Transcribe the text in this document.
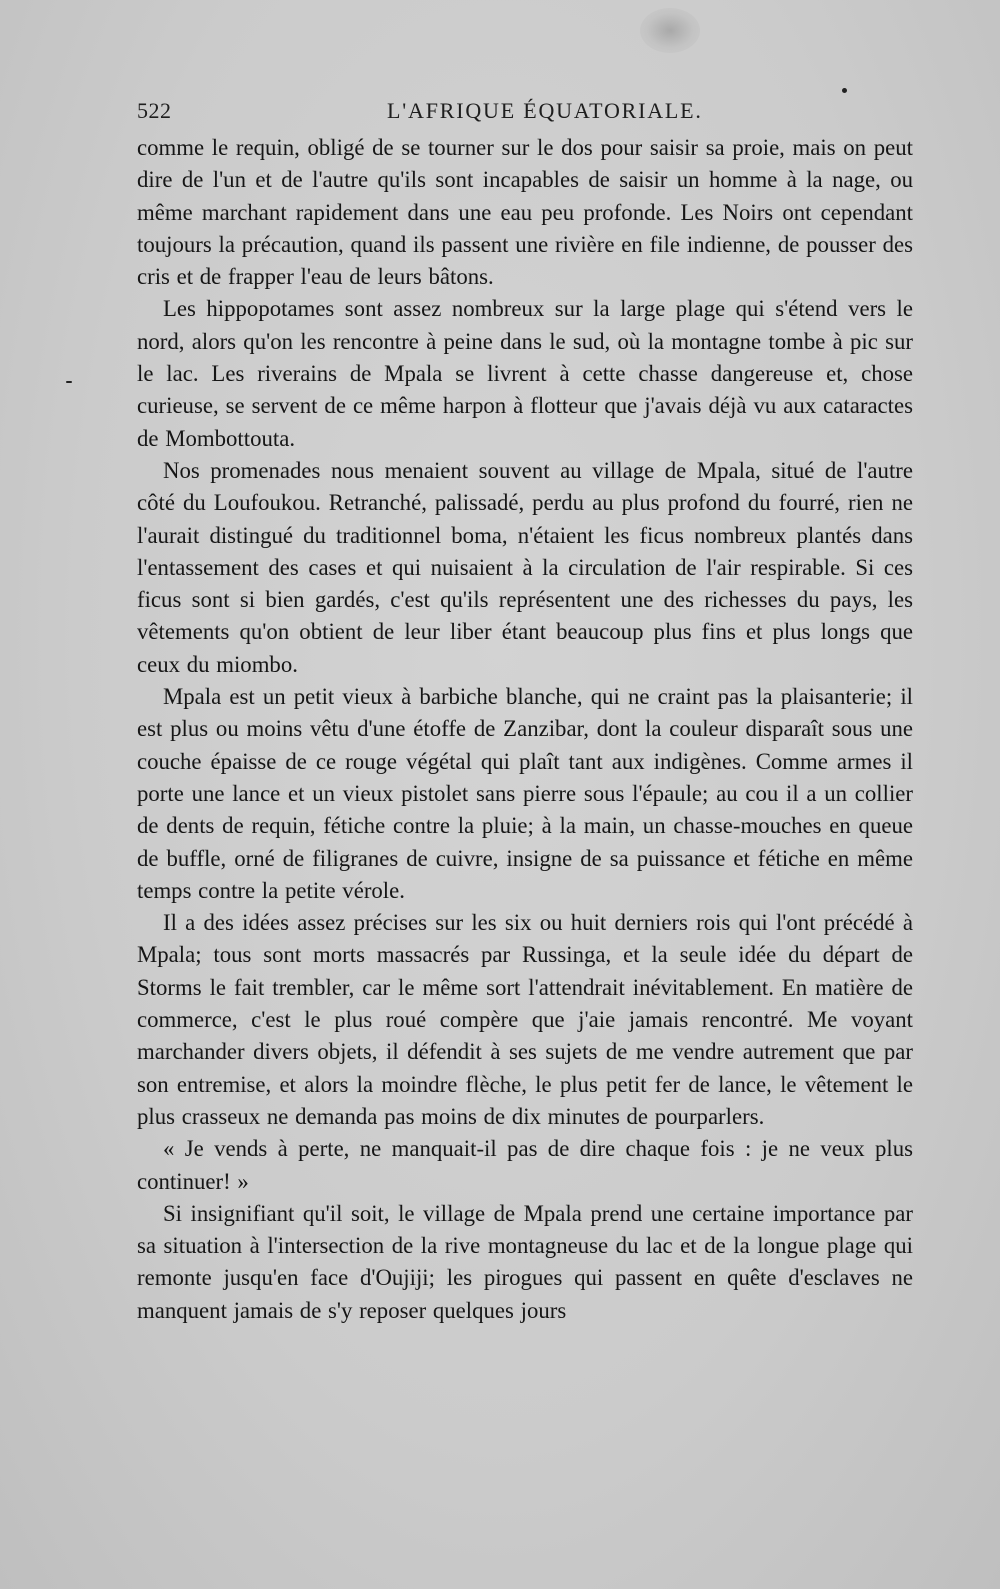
522	L'AFRIQUE ÉQUATORIALE.

comme le requin, obligé de se tourner sur le dos pour saisir sa proie, mais on peut dire de l'un et de l'autre qu'ils sont incapables de saisir un homme à la nage, ou même marchant rapidement dans une eau peu profonde. Les Noirs ont cependant toujours la précaution, quand ils passent une rivière en file indienne, de pousser des cris et de frapper l'eau de leurs bâtons.

Les hippopotames sont assez nombreux sur la large plage qui s'étend vers le nord, alors qu'on les rencontre à peine dans le sud, où la montagne tombe à pic sur le lac. Les riverains de Mpala se livrent à cette chasse dangereuse et, chose curieuse, se servent de ce même harpon à flotteur que j'avais déjà vu aux cataractes de Mombottouta.

Nos promenades nous menaient souvent au village de Mpala, situé de l'autre côté du Loufoukou. Retranché, palissadé, perdu au plus profond du fourré, rien ne l'aurait distingué du traditionnel boma, n'étaient les ficus nombreux plantés dans l'entassement des cases et qui nuisaient à la circulation de l'air respirable. Si ces ficus sont si bien gardés, c'est qu'ils représentent une des richesses du pays, les vêtements qu'on obtient de leur liber étant beaucoup plus fins et plus longs que ceux du miombo.

Mpala est un petit vieux à barbiche blanche, qui ne craint pas la plaisanterie; il est plus ou moins vêtu d'une étoffe de Zanzibar, dont la couleur disparaît sous une couche épaisse de ce rouge végétal qui plaît tant aux indigènes. Comme armes il porte une lance et un vieux pistolet sans pierre sous l'épaule; au cou il a un collier de dents de requin, fétiche contre la pluie; à la main, un chasse-mouches en queue de buffle, orné de filigranes de cuivre, insigne de sa puissance et fétiche en même temps contre la petite vérole.

Il a des idées assez précises sur les six ou huit derniers rois qui l'ont précédé à Mpala; tous sont morts massacrés par Russinga, et la seule idée du départ de Storms le fait trembler, car le même sort l'attendrait inévitablement. En matière de commerce, c'est le plus roué compère que j'aie jamais rencontré. Me voyant marchander divers objets, il défendit à ses sujets de me vendre autrement que par son entremise, et alors la moindre flèche, le plus petit fer de lance, le vêtement le plus crasseux ne demanda pas moins de dix minutes de pourparlers.

« Je vends à perte, ne manquait-il pas de dire chaque fois : je ne veux plus continuer! »

Si insignifiant qu'il soit, le village de Mpala prend une certaine importance par sa situation à l'intersection de la rive montagneuse du lac et de la longue plage qui remonte jusqu'en face d'Oujiji; les pirogues qui passent en quête d'esclaves ne manquent jamais de s'y reposer quelques jours
